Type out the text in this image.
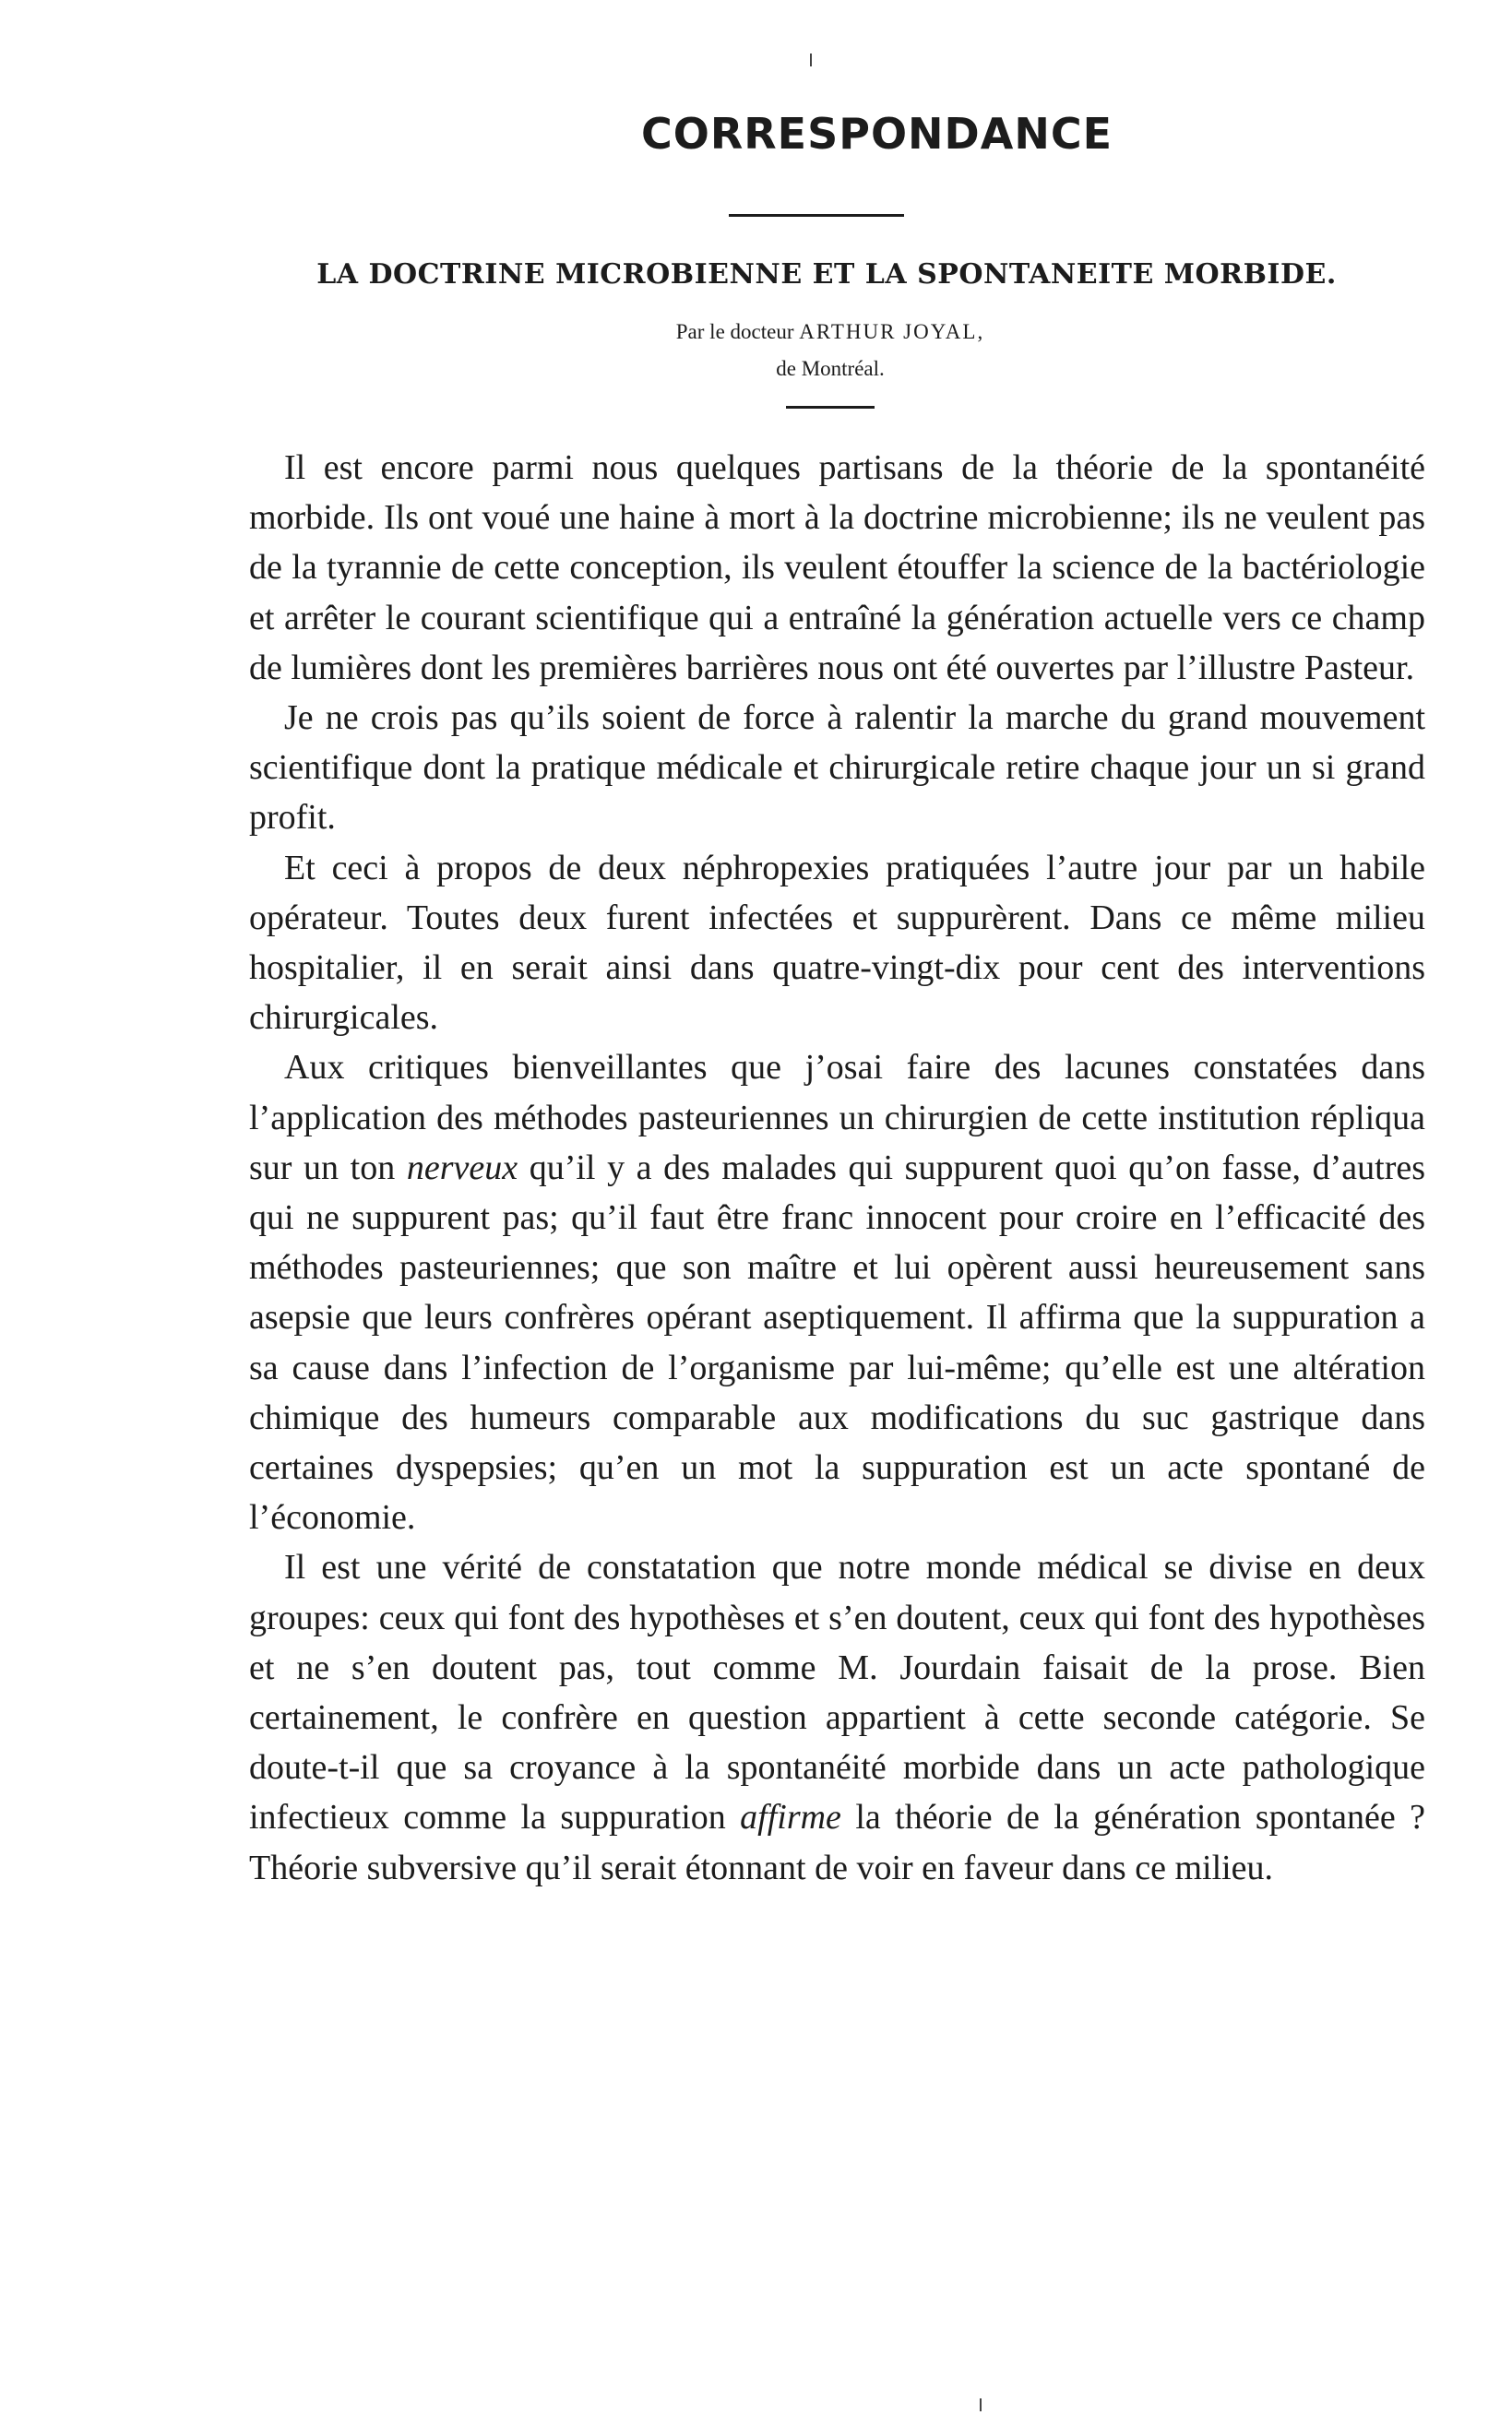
CORRESPONDANCE
LA DOCTRINE MICROBIENNE ET LA SPONTANEITE MORBIDE.
Par le docteur ARTHUR JOYAL,
de Montréal.

Il est encore parmi nous quelques partisans de la théorie de la spontanéité morbide. Ils ont voué une haine à mort à la doctrine microbienne; ils ne veulent pas de la tyrannie de cette conception, ils veulent étouffer la science de la bactériologie et arrêter le courant scientifique qui a entraîné la génération actuelle vers ce champ de lumières dont les premières barrières nous ont été ouvertes par l’illustre Pasteur.

Je ne crois pas qu’ils soient de force à ralentir la marche du grand mouvement scientifique dont la pratique médicale et chirurgicale retire chaque jour un si grand profit.

Et ceci à propos de deux néphropexies pratiquées l’autre jour par un habile opérateur. Toutes deux furent infectées et suppurèrent. Dans ce même milieu hospitalier, il en serait ainsi dans quatre-vingt-dix pour cent des interventions chirurgicales.

Aux critiques bienveillantes que j’osai faire des lacunes constatées dans l’application des méthodes pasteuriennes un chirurgien de cette institution répliqua sur un ton nerveux qu’il y a des malades qui suppurent quoi qu’on fasse, d’autres qui ne suppurent pas; qu’il faut être franc innocent pour croire en l’efficacité des méthodes pasteuriennes; que son maître et lui opèrent aussi heureusement sans asepsie que leurs confrères opérant aseptiquement. Il affirma que la suppuration a sa cause dans l’infection de l’organisme par lui-même; qu’elle est une altération chimique des humeurs comparable aux modifications du suc gastrique dans certaines dyspepsies; qu’en un mot la suppuration est un acte spontané de l’économie.

Il est une vérité de constatation que notre monde médical se divise en deux groupes: ceux qui font des hypothèses et s’en doutent, ceux qui font des hypothèses et ne s’en doutent pas, tout comme M. Jourdain faisait de la prose. Bien certainement, le confrère en question appartient à cette seconde catégorie. Se doute-t-il que sa croyance à la spontanéité morbide dans un acte pathologique infectieux comme la suppuration affirme la théorie de la génération spontanée ? Théorie subversive qu’il serait étonnant de voir en faveur dans ce milieu.
